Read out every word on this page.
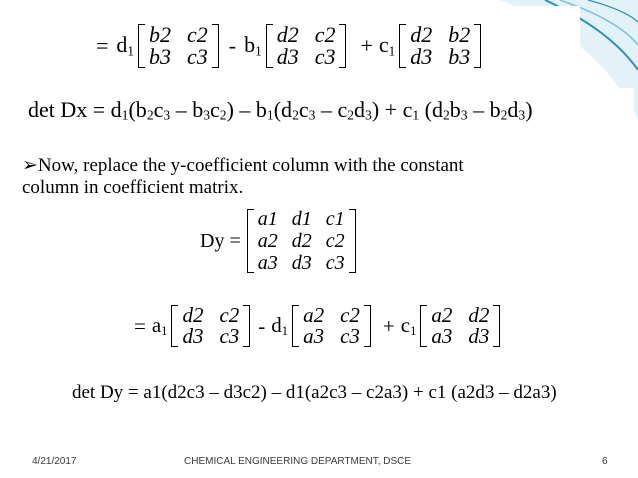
= $d_1$
b2 c2
b3 $c3 - b_1$
d2 c2
d3 $c3 + c_1$
d2 b2
d3 b3
det Dx = d1(b2c3 – b3c2) – b1(d2c3 – c2d3) + c1 (d2b3 – b2d3)
➢Now, replace the y-coefficient column with the constant
column in coefficient matrix.
Dy =
a1 d1 c1
a2 d2 c2
a3 d3 c3
= $a_1$
d2 c2
d3 $c3 - d_1$
a2 c2
a3 $c3 + c_1$
a2 d2
a3 d3
det Dy = a1(d2c3 – d3c2) – d1(a2c3 – c2a3) + c1 (a2d3 – d2a3)
4/21/2017	CHEMICAL ENGINEERING DEPARTMENT, DSCE	6
